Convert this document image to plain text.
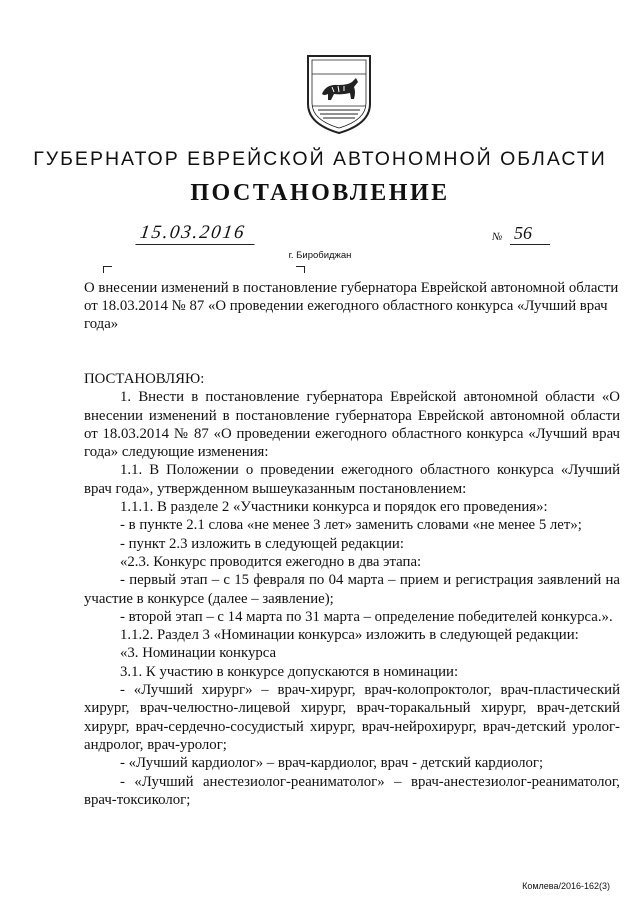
ГУБЕРНАТОР ЕВРЕЙСКОЙ АВТОНОМНОЙ ОБЛАСТИ
ПОСТАНОВЛЕНИЕ
15.03.2016	№ 56
г. Биробиджан
О внесении изменений в постановление губернатора Еврейской автономной области от 18.03.2014 № 87 «О проведении ежегодного областного конкурса «Лучший врач года»

ПОСТАНОВЛЯЮ:

1. Внести в постановление губернатора Еврейской автономной области «О внесении изменений в постановление губернатора Еврейской автономной области от 18.03.2014 № 87 «О проведении ежегодного областного конкурса «Лучший врач года» следующие изменения:

1.1. В Положении о проведении ежегодного областного конкурса «Лучший врач года», утвержденном вышеуказанным постановлением:

1.1.1. В разделе 2 «Участники конкурса и порядок его проведения»:

- в пункте 2.1 слова «не менее 3 лет» заменить словами «не менее 5 лет»;

- пункт 2.3 изложить в следующей редакции:

«2.3. Конкурс проводится ежегодно в два этапа:

- первый этап – с 15 февраля по 04 марта – прием и регистрация заявлений на участие в конкурсе (далее – заявление);

- второй этап – с 14 марта по 31 марта – определение победителей конкурса.».

1.1.2. Раздел 3 «Номинации конкурса» изложить в следующей редакции:

«3. Номинации конкурса

3.1. К участию в конкурсе допускаются в номинации:

- «Лучший хирург» – врач-хирург, врач-колопроктолог, врач-пластический хирург, врач-челюстно-лицевой хирург, врач-торакальный хирург, врач-детский хирург, врач-сердечно-сосудистый хирург, врач-нейрохирург, врач-детский уролог-андролог, врач-уролог;

- «Лучший кардиолог» – врач-кардиолог, врач - детский кардиолог;

- «Лучший анестезиолог-реаниматолог» – врач-анестезиолог-реаниматолог, врач-токсиколог;

Комлева/2016-162(3)
